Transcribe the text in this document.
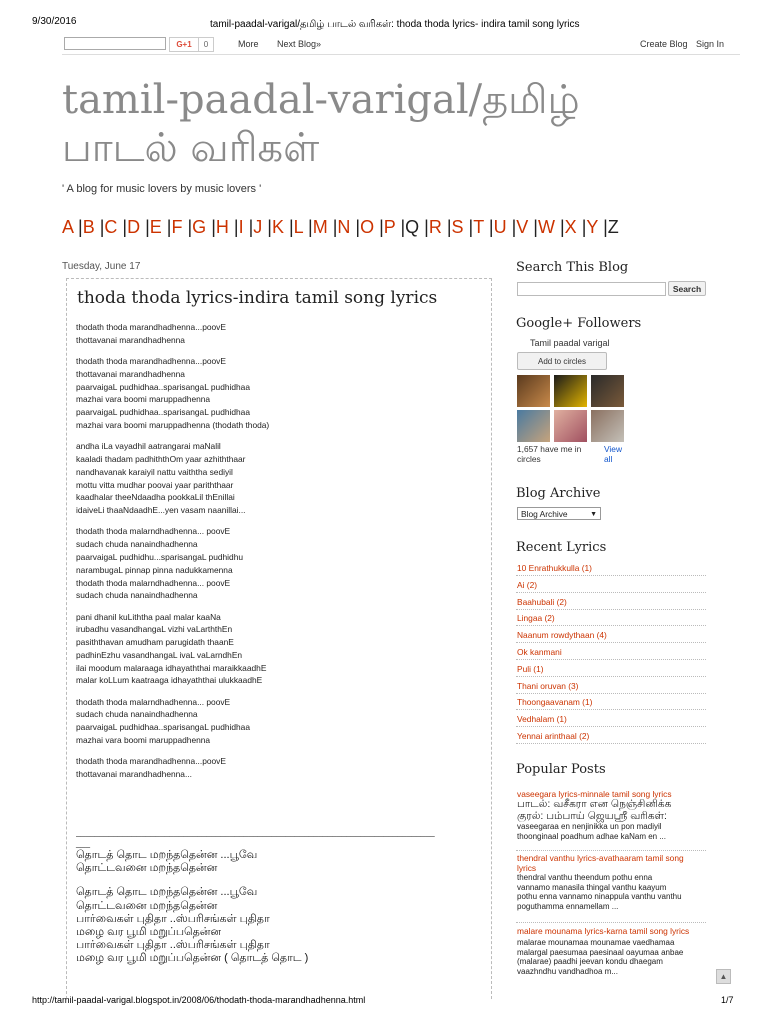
9/30/2016	tamil-paadal-varigal/தமிழ் பாடல் வரிகள்: thoda thoda lyrics- indira tamil song lyrics
G+1	0	More Next Blog»	Create Blog Sign In
tamil-paadal-varigal/தமிழ்
பாடல் வரிகள்
' A blog for music lovers by music lovers '
A |B |C |D |E |F |G |H |I |J |K |L |M |N |O |P |Q |R |S |T |U |V |W |X |Y |Z
Tuesday, June 17
thoda thoda lyrics-indira tamil song lyrics
thodath thoda marandhadhenna...poovE
thottavanai marandhadhenna
thodath thoda marandhadhenna...poovE
thottavanai marandhadhenna
paarvaigaL pudhidhaa..sparisangaL pudhidhaa
mazhai vara boomi maruppadhenna
paarvaigaL pudhidhaa..sparisangaL pudhidhaa
mazhai vara boomi maruppadhenna (thodath thoda)
andha iLa vayadhil aatrangarai maNalil
kaaladi thadam padhiththOm yaar azhiththaar
nandhavanak karaiyil nattu vaiththa sediyil
mottu vitta mudhar poovai yaar pariththaar
kaadhalar theeNdaadha pookkaLil thEnillai
idaiveLi thaaNdaadhE...yen vasam naanillai...
thodath thoda malarndhadhenna... poovE
sudach chuda nanaindhadhenna
paarvaigaL pudhidhu...sparisangaL pudhidhu
narambugaL pinnap pinna nadukkamenna
thodath thoda malarndhadhenna... poovE
sudach chuda nanaindhadhenna
pani dhanil kuLiththa paal malar kaaNa
irubadhu vasandhangaL vizhi vaLarththEn
pasiththavan amudham parugidath thaanE
padhinEzhu vasandhangaL ivaL vaLarndhEn
ilai moodum malaraaga idhayaththai maraikkaadhE
malar koLLum kaatraaga idhayaththai ulukkaadhE
thodath thoda malarndhadhenna... poovE
sudach chuda nanaindhadhenna
paarvaigaL pudhidhaa..sparisangaL pudhidhaa
mazhai vara boomi maruppadhenna
thodath thoda marandhadhenna...poovE
thottavanai marandhadhenna...
_____________________________________________________________________________
___
தொடத் தொட மறந்ததென்ன ...பூவே
தொட்டவனை மறந்ததென்ன
தொடத் தொட மறந்ததென்ன ...பூவே
தொட்டவனை மறந்ததென்ன
பார்வைகள் புதிதா ..ஸ்பரிசங்கள் புதிதா
மழை வர பூமி மறுப்பதென்ன
பார்வைகள் புதிதா ..ஸ்பரிசங்கள் புதிதா
மழை வர பூமி மறுப்பதென்ன ( தொடத் தொட )
Search This Blog
Search
Google+ Followers
Tamil paadal varigal
Add to circles
1,657 have me in circles
View all
Blog Archive
Blog Archive	▼
Recent Lyrics
10 Enrathukkulla (1)
Ai (2)
Baahubali (2)
Lingaa (2)
Naanum rowdythaan (4)
Ok kanmani
Puli (1)
Thani oruvan (3)
Thoongaavanam (1)
Vedhalam (1)
Yennai arinthaal (2)
Popular Posts
vaseegara lyrics-minnale tamil song lyrics
பாடல்: வசீகரா என நெஞ்சினிக்க
குரல்: பம்பாய் ஜெயஸ்ரீ வரிகள்:
vaseegaraa en nenjinikka un pon madiyil
thoonginaal poadhum adhae kaNam en ...
thendral vanthu lyrics-avathaaram tamil song lyrics
thendral vanthu theendum pothu enna
vannamo manasila thingal vanthu kaayum
pothu enna vannamo ninappula vanthu vanthu
poguthamma ennamellam ...
malare mounama lyrics-karna tamil song lyrics
malarae mounamaa mounamae vaedhamaa
malargal paesumaa paesinaal oayumaa anbae
(malarae) paadhi jeevan kondu dhaegam
vaazhndhu vandhadhoa m...
▲
http://tamil-paadal-varigal.blogspot.in/2008/06/thodath-thoda-marandhadhenna.html	1/7
